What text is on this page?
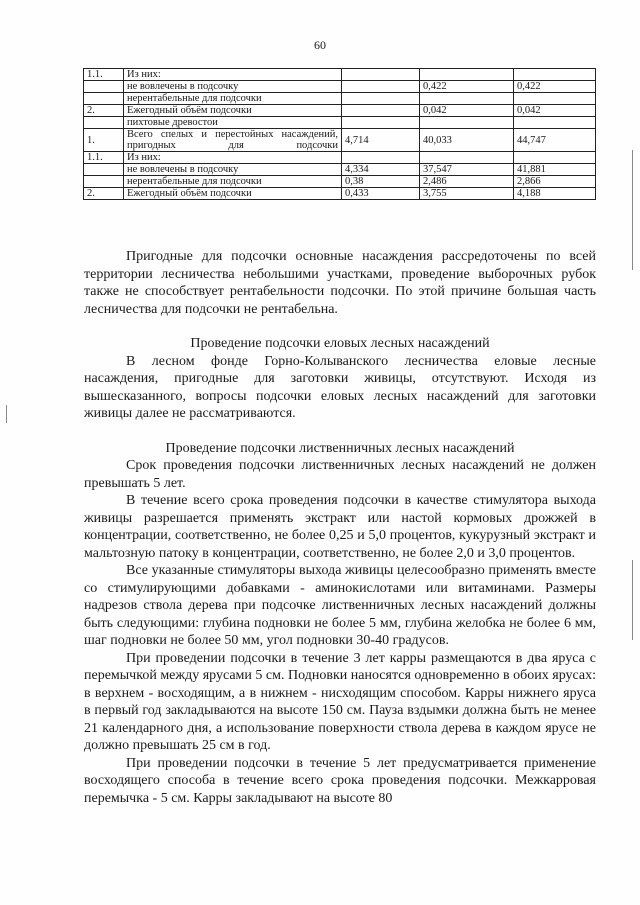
60
1.1.	Из них:			
	не вовлечены в подсочку		0,422	0,422
	нерентабельные для подсочки			
2.	Ежегодный объём подсочки		0,042	0,042
	пихтовые древостои			
1.	Всего спелых и перестойных насаждений, пригодных для подсочки	4,714	40,033	44,747
1.1.	Из них:			
	не вовлечены в подсочку	4,334	37,547	41,881
	нерентабельные для подсочки	0,38	2,486	2,866
2.	Ежегодный объём подсочки	0,433	3,755	4,188

Пригодные для подсочки основные насаждения рассредоточены по всей территории лесничества небольшими участками, проведение выборочных рубок также не способствует рентабельности подсочки. По этой причине большая часть лесничества для подсочки не рентабельна.

Проведение подсочки еловых лесных насаждений

В лесном фонде Горно-Колыванского лесничества еловые лесные насаждения, пригодные для заготовки живицы, отсутствуют. Исходя из вышесказанного, вопросы подсочки еловых лесных насаждений для заготовки живицы далее не рассматриваются.

Проведение подсочки лиственничных лесных насаждений

Срок проведения подсочки лиственничных лесных насаждений не должен превышать 5 лет.

В течение всего срока проведения подсочки в качестве стимулятора выхода живицы разрешается применять экстракт или настой кормовых дрожжей в концентрации, соответственно, не более 0,25 и 5,0 процентов, кукурузный экстракт и мальтозную патоку в концентрации, соответственно, не более 2,0 и 3,0 процентов.

Все указанные стимуляторы выхода живицы целесообразно применять вместе со стимулирующими добавками - аминокислотами или витаминами. Размеры надрезов ствола дерева при подсочке лиственничных лесных насаждений должны быть следующими: глубина подновки не более 5 мм, глубина желобка не более 6 мм, шаг подновки не более 50 мм, угол подновки 30-40 градусов.

При проведении подсочки в течение 3 лет карры размещаются в два яруса с перемычкой между ярусами 5 см. Подновки наносятся одновременно в обоих ярусах: в верхнем - восходящим, а в нижнем - нисходящим способом. Карры нижнего яруса в первый год закладываются на высоте 150 см. Пауза вздымки должна быть не менее 21 календарного дня, а использование поверхности ствола дерева в каждом ярусе не должно превышать 25 см в год.

При проведении подсочки в течение 5 лет предусматривается применение восходящего способа в течение всего срока проведения подсочки. Межкарровая перемычка - 5 см. Карры закладывают на высоте 80
